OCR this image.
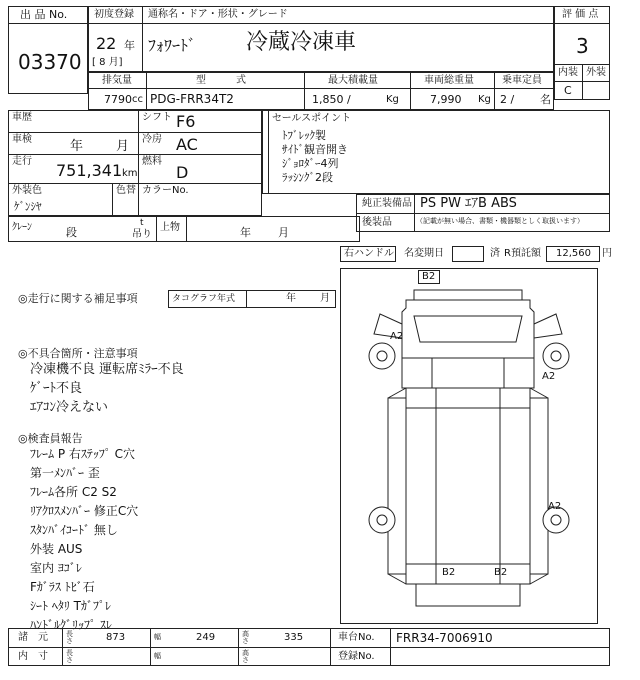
出 品 No.
03370
初度登録 通称名・ドア・形状・グレード
22 年
[ 8 月]
ﾌｫﾜｰﾄﾞ 冷蔵冷凍車
評 価 点
3
内装 外装
C
排気量	型　　　式	最大積載量	車両総重量	乗車定員
7790 cc PDG-FRR34T2	1,850 /	Kg	7,990 Kg 2 / 名
車歴	シフト F6
車検	年	月 冷房 AC
走行 751,341 km
燃料
D
外装色
ｹﾞﾝｼﾔ
色替 カラーNo.
ｸﾚｰﾝ	段
t
吊り
上物	年 月
セールスポイント
ﾄﾌﾞﾚｯｸ製
ｻｲﾄﾞ観音開き
ｼﾞｮﾛﾀﾞｰ4列
ﾗｯｼﾝｸﾞ2段
純正装備品 PS PW ｴｱB ABS
後装品	（記載が無い場合、書類・機器類としく取扱います）
右ハンドル 名変期日	済 R預託額 12,560 円
◎走行に関する補足事項	タコグラフ年式	年 月
◎不具合箇所・注意事項
冷凍機不良 運転席ﾐﾗｰ不良
ｹﾞｰﾄ不良
ｴｱｺﾝ冷えない
◎検査員報告
ﾌﾚｰﾑ P 右ｽﾃｯﾌﾟ C穴
第一ﾒﾝﾊﾞｰ 歪
ﾌﾚｰﾑ各所 C2 S2
ﾘｱｸﾛｽﾒﾝﾊﾞｰ 修正C穴
ｽﾀﾝﾊﾞｲｺｰﾄﾞ 無し
外装 AUS
室内 ﾖｺﾞﾚ
Fｶﾞﾗｽ ﾄﾋﾞ石
ｼｰﾄ ﾍﾀﾘ Tｶﾞﾌﾟﾚ
ﾊﾝﾄﾞﾙｸﾞﾘｯﾌﾟ ｽﾚ
B2
A2
A2
A2
B2	B2
諸　元	長さ	873	幅	249	高さ	335	車台No. FRR34-7006910
内　寸	長さ	幅	高さ	登録No.
